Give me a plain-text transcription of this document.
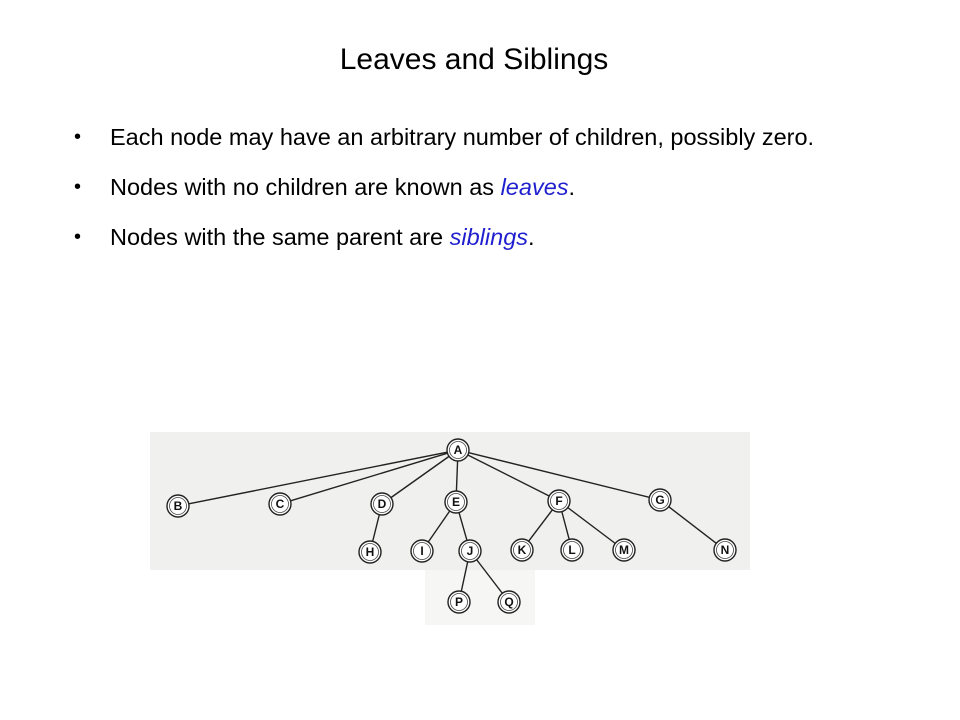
Leaves and Siblings
• Each node may have an arbitrary number of children, possibly zero.
• Nodes with no children are known as leaves.
• Nodes with the same parent are siblings.
A
B	C	D	E	F	G
H	I	J	K	L	M	N
P	Q
